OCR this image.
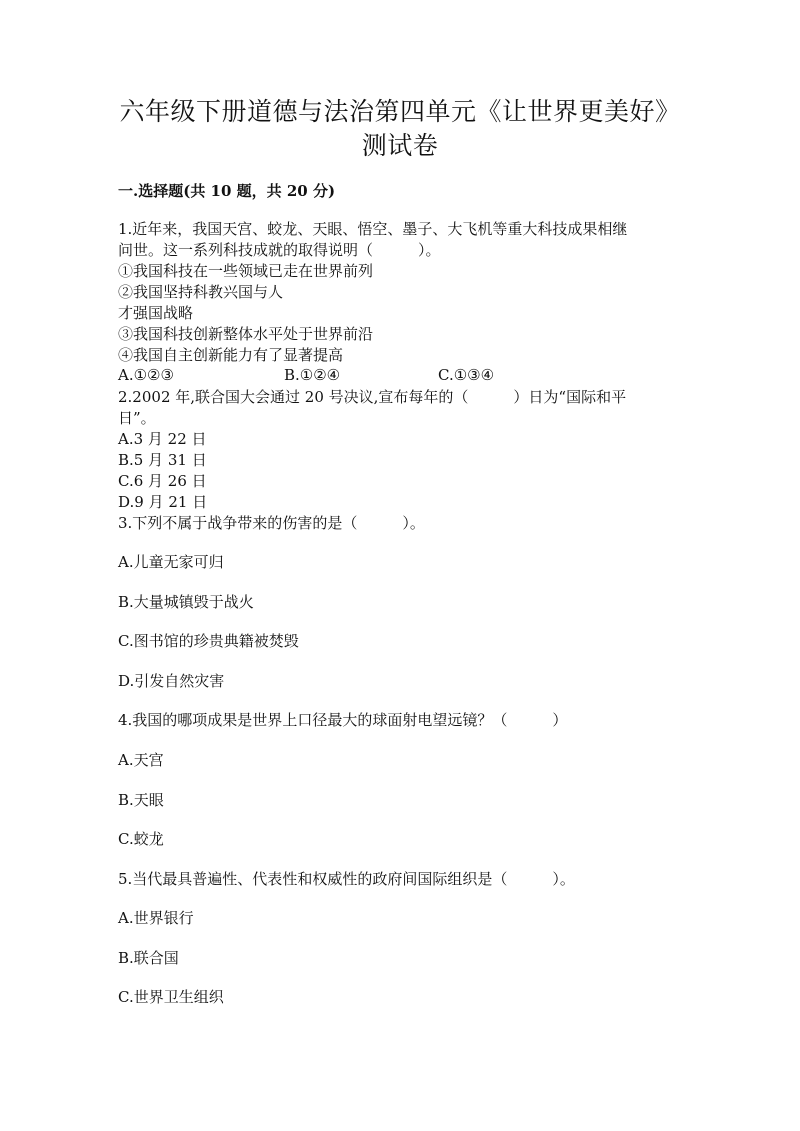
六年级下册道德与法治第四单元《让世界更美好》
测试卷
一.选择题(共 10 题，共 20 分)
1.近年来，我国天宫、蛟龙、天眼、悟空、墨子、大飞机等重大科技成果相继
问世。这一系列科技成就的取得说明（　　　）。
①我国科技在一些领域已走在世界前列
②我国坚持科教兴国与人
才强国战略
③我国科技创新整体水平处于世界前沿
④我国自主创新能力有了显著提高
A.①②③	B.①②④	C.①③④
2.2002 年,联合国大会通过 20 号决议,宣布每年的（　　　）日为“国际和平
日”。
A.3 月 22 日
B.5 月 31 日
C.6 月 26 日
D.9 月 21 日
3.下列不属于战争带来的伤害的是（　　　）。
A.儿童无家可归
B.大量城镇毁于战火
C.图书馆的珍贵典籍被焚毁
D.引发自然灾害
4.我国的哪项成果是世界上口径最大的球面射电望远镜？（　　　）
A.天宫
B.天眼
C.蛟龙
5.当代最具普遍性、代表性和权威性的政府间国际组织是（　　　）。
A.世界银行
B.联合国
C.世界卫生组织
